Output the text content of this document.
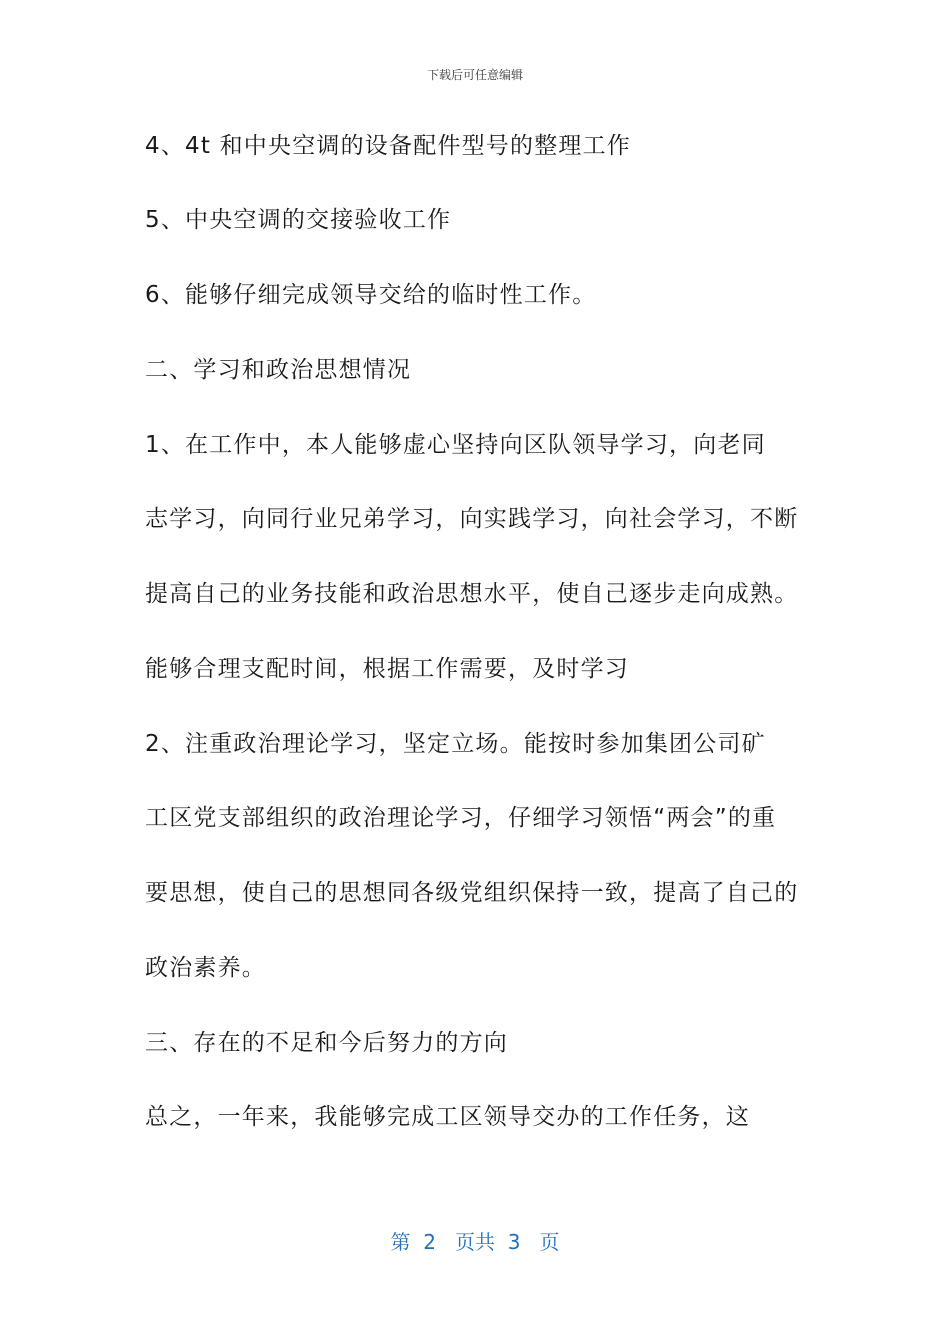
下载后可任意编辑
4、4t 和中央空调的设备配件型号的整理工作
5、中央空调的交接验收工作
6、能够仔细完成领导交给的临时性工作。
二、学习和政治思想情况
1、在工作中，本人能够虚心坚持向区队领导学习，向老同
志学习，向同行业兄弟学习，向实践学习，向社会学习，不断
提高自己的业务技能和政治思想水平，使自己逐步走向成熟。
能够合理支配时间，根据工作需要，及时学习
2、注重政治理论学习，坚定立场。能按时参加集团公司矿
工区党支部组织的政治理论学习，仔细学习领悟“两会”的重
要思想，使自己的思想同各级党组织保持一致，提高了自己的
政治素养。
三、存在的不足和今后努力的方向
总之，一年来，我能够完成工区领导交办的工作任务，这
第 2 页共 3 页
